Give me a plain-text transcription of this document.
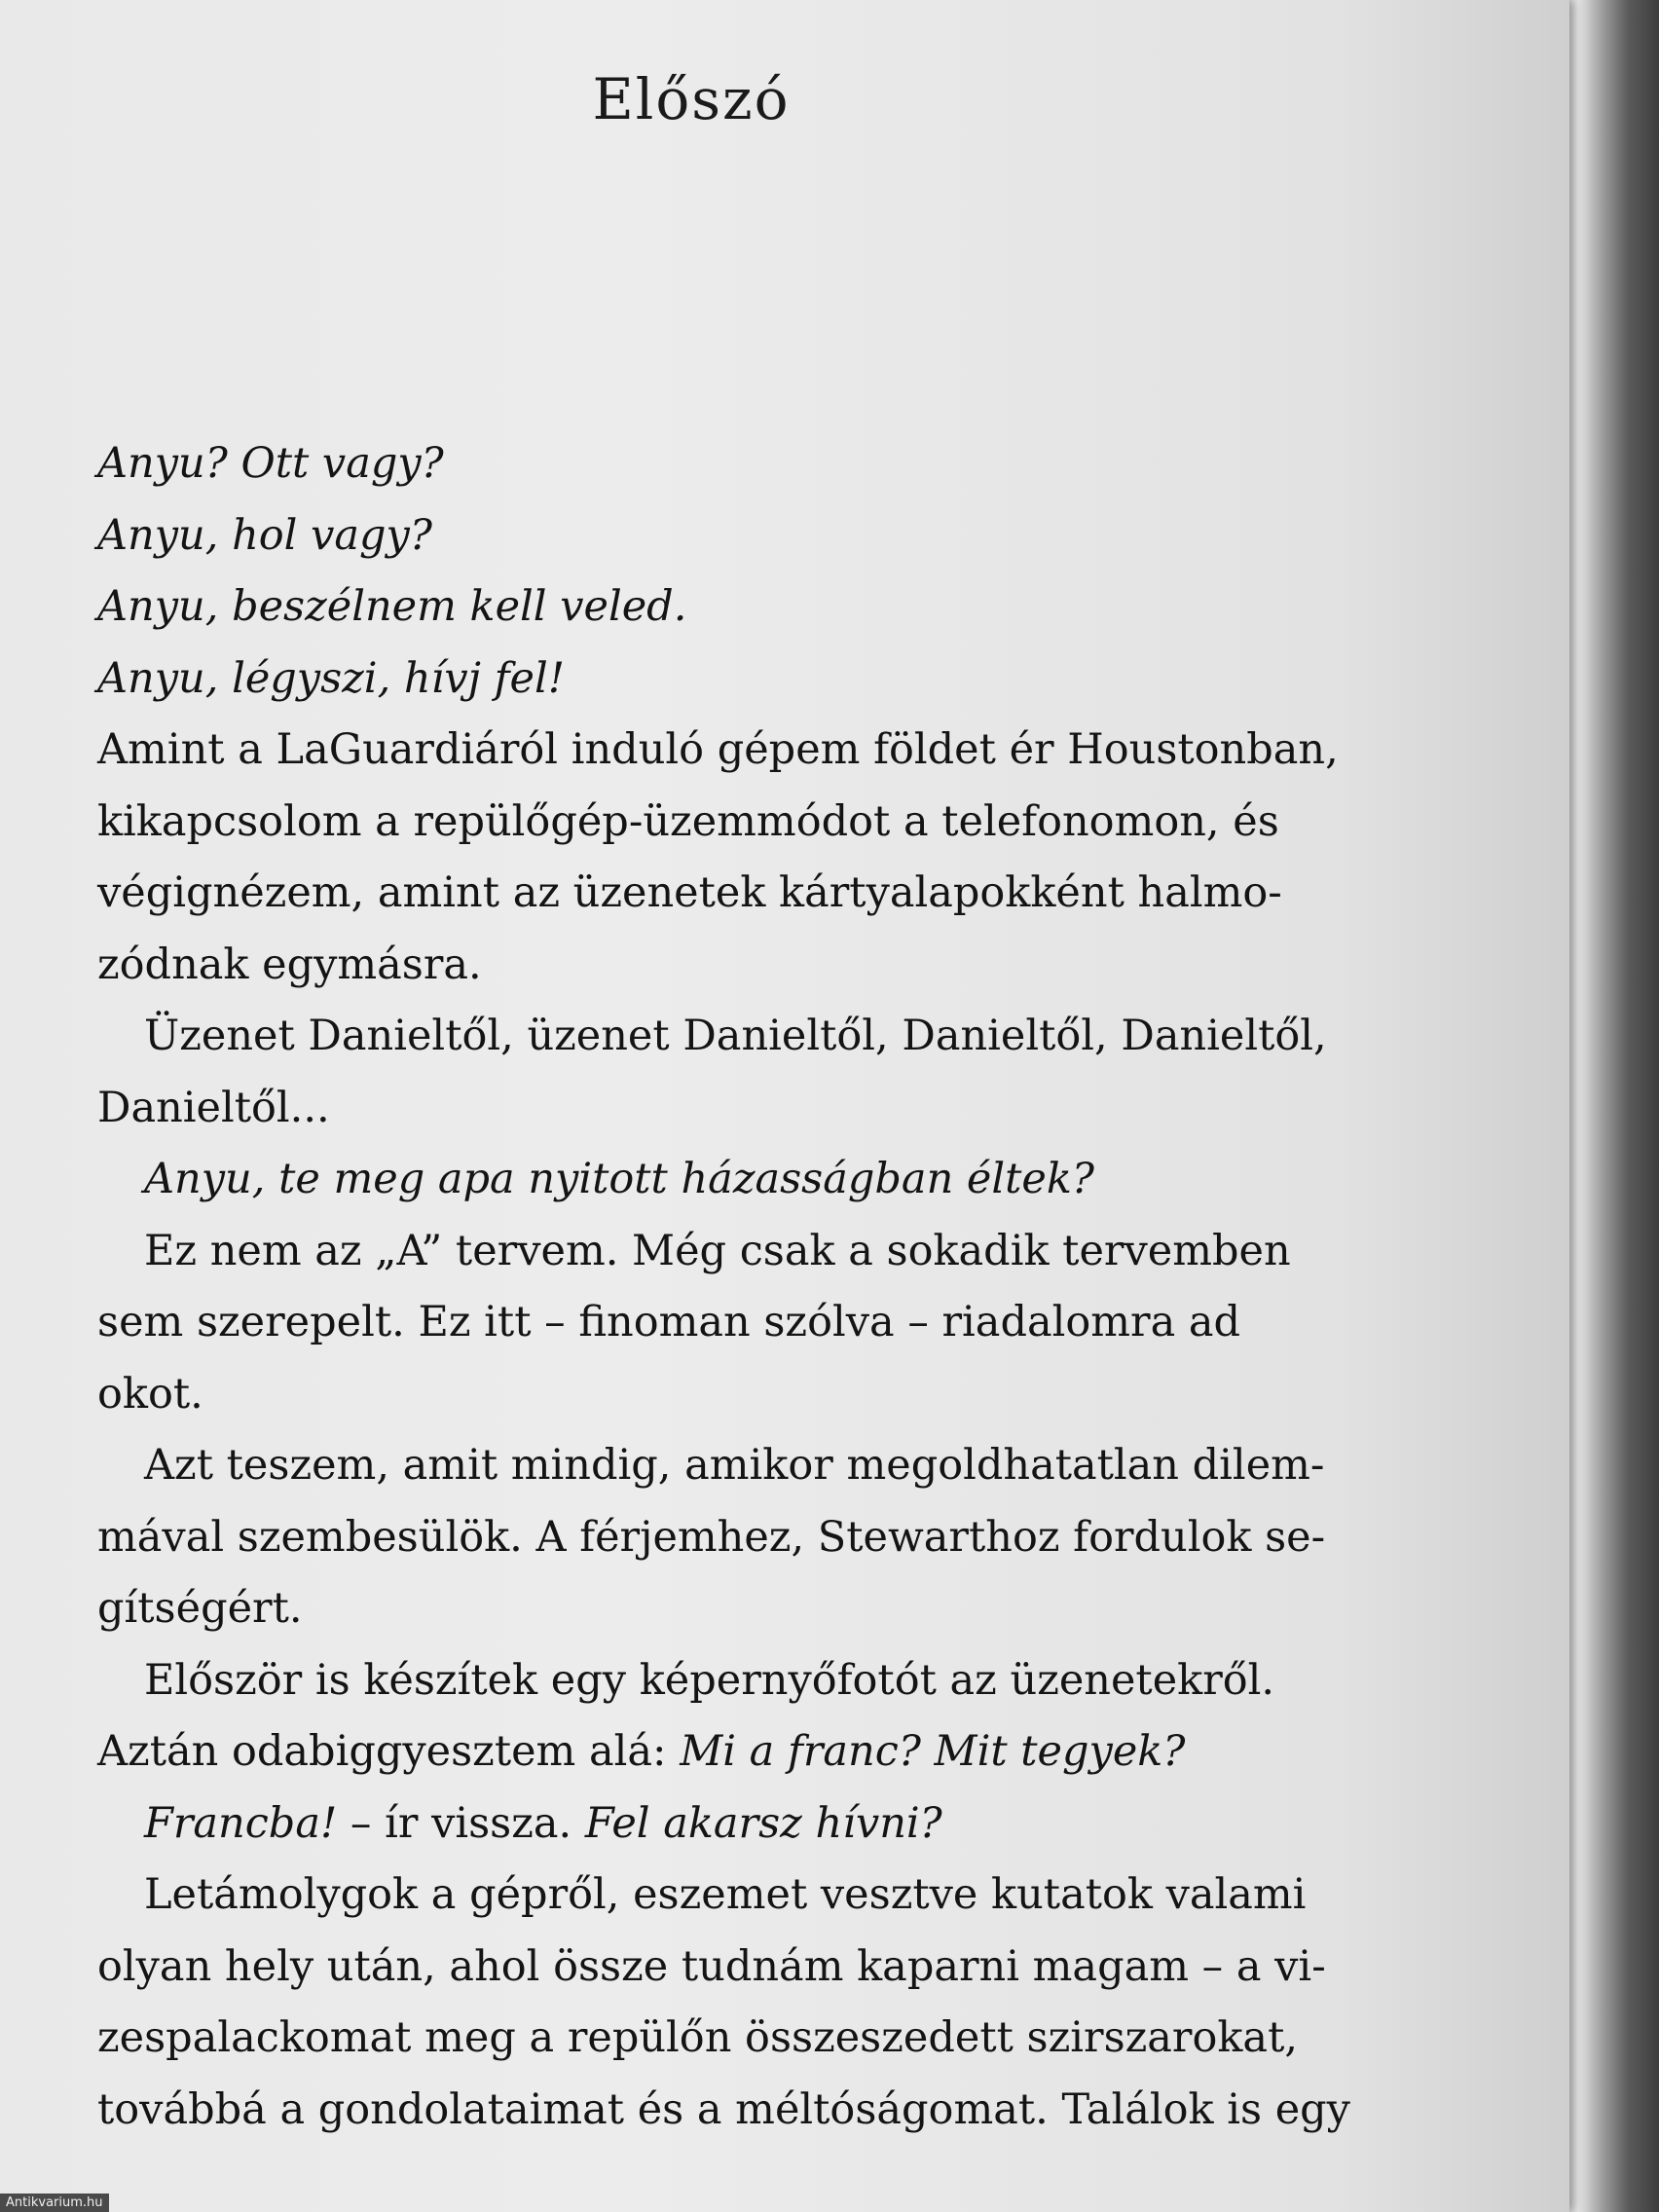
Előszó
Anyu? Ott vagy?
Anyu, hol vagy?
Anyu, beszélnem kell veled.
Anyu, légyszi, hívj fel!
Amint a LaGuardiáról induló gépem földet ér Houstonban,
kikapcsolom a repülőgép-üzemmódot a telefonomon, és
végignézem, amint az üzenetek kártyalapokként halmo-
zódnak egymásra.
Üzenet Danieltől, üzenet Danieltől, Danieltől, Danieltől,
Danieltől...
Anyu, te meg apa nyitott házasságban éltek?
Ez nem az „A” tervem. Még csak a sokadik tervemben
sem szerepelt. Ez itt – finoman szólva – riadalomra ad
okot.
Azt teszem, amit mindig, amikor megoldhatatlan dilem-
mával szembesülök. A férjemhez, Stewarthoz fordulok se-
gítségért.
Először is készítek egy képernyőfotót az üzenetekről.
Aztán odabiggyesztem alá: Mi a franc? Mit tegyek?
Francba! – ír vissza. Fel akarsz hívni?
Letámolygok a gépről, eszemet vesztve kutatok valami
olyan hely után, ahol össze tudnám kaparni magam – a vi-
zespalackomat meg a repülőn összeszedett szirszarokat,
továbbá a gondolataimat és a méltóságomat. Találok is egy
Antikvarium.hu
